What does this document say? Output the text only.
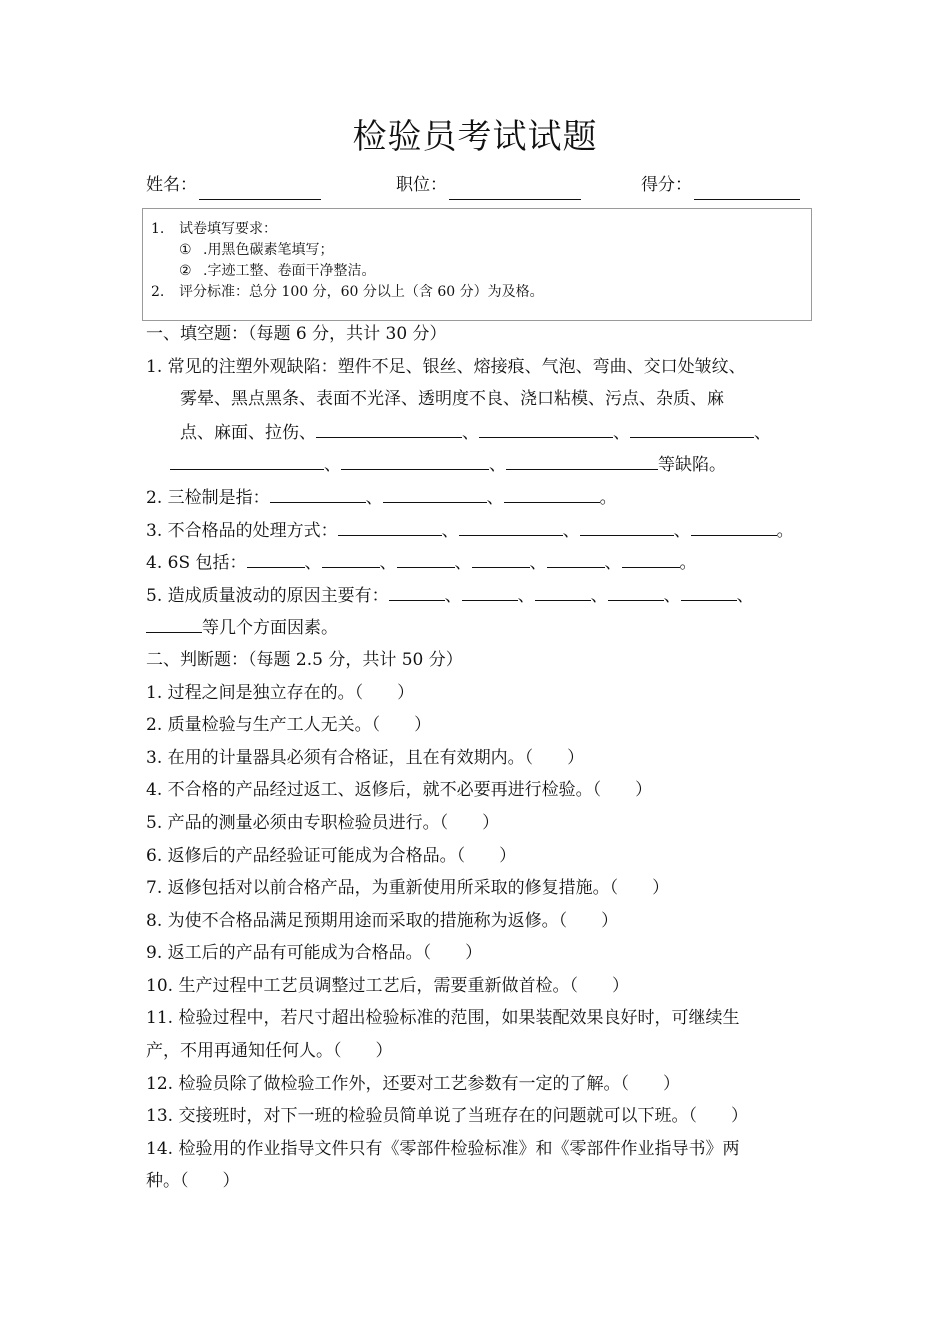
检验员考试试题
姓名：	职位：	得分：
1. 试卷填写要求：
① .用黑色碳素笔填写；
② .字迹工整、卷面干净整洁。
2. 评分标准：总分 100 分，60 分以上（含 60 分）为及格。
一、填空题：（每题 6 分，共计 30 分）
1. 常见的注塑外观缺陷：塑件不足、银丝、熔接痕、气泡、弯曲、交口处皱纹、
雾晕、黑点黑条、表面不光泽、透明度不良、浇口粘模、污点、杂质、麻
点、麻面、拉伤、	、	、	、
、	、	等缺陷。
2. 三检制是指：	、	、	。
3. 不合格品的处理方式：	、	、	、	。
4. 6S 包括：	、	、	、	、	、	。
5. 造成质量波动的原因主要有：	、	、	、	、	、
等几个方面因素。
二、判断题：（每题 2.5 分，共计 50 分）
1. 过程之间是独立存在的。（　　）
2. 质量检验与生产工人无关。（　　）
3. 在用的计量器具必须有合格证，且在有效期内。（　　）
4. 不合格的产品经过返工、返修后，就不必要再进行检验。（　　）
5. 产品的测量必须由专职检验员进行。（　　）
6. 返修后的产品经验证可能成为合格品。（　　）
7. 返修包括对以前合格产品，为重新使用所采取的修复措施。（　　）
8. 为使不合格品满足预期用途而采取的措施称为返修。（　　）
9. 返工后的产品有可能成为合格品。（　　）
10. 生产过程中工艺员调整过工艺后，需要重新做首检。（　　）
11. 检验过程中，若尺寸超出检验标准的范围，如果装配效果良好时，可继续生
产，不用再通知任何人。（　　）
12. 检验员除了做检验工作外，还要对工艺参数有一定的了解。（　　）
13. 交接班时，对下一班的检验员简单说了当班存在的问题就可以下班。（　　）
14. 检验用的作业指导文件只有《零部件检验标准》和《零部件作业指导书》两
种。（　　）
